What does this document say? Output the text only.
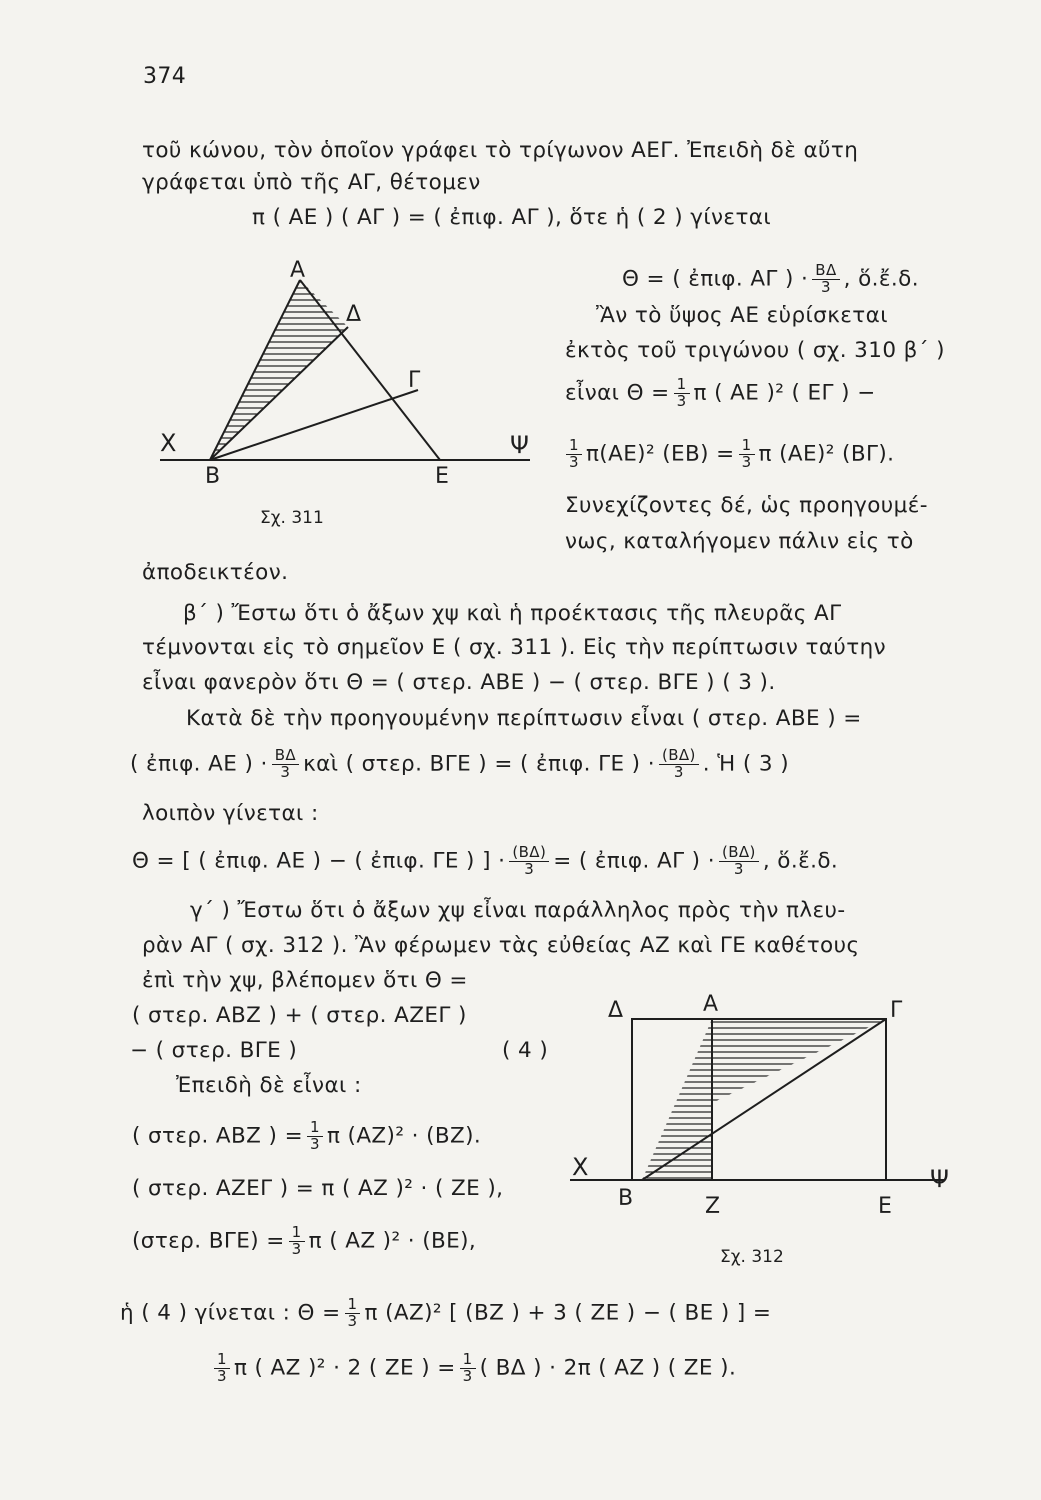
374
τοῦ κώνου, τὸν ὁποῖον γράφει τὸ τρίγωνον ΑΕΓ. Ἐπειδὴ δὲ αὔτη
γράφεται ὑπὸ τῆς ΑΓ, θέτομεν
π ( ΑΕ ) ( ΑΓ ) = ( ἐπιφ. ΑΓ ), ὅτε ἡ ( 2 ) γίνεται
Θ = ( ἐπιφ. ΑΓ ) · $\frac{B\Delta}{3}$ , ὅ.ἔ.δ.
Ἂν τὸ ὕψος ΑΕ εὑρίσκεται
ἐκτὸς τοῦ τριγώνου ( σχ. 310 β΄ )
εἶναι $\Theta = \frac{1}{3}$ π ( ΑΕ )² ( ΕΓ ) −
$\frac{1}{3} \pi(AE)^2$ $(EB) = \frac{1}{3}$ π (ΑΕ)² (ΒΓ).
Συνεχίζοντες δέ, ὡς προηγουμέ-
νως, καταλήγομεν πάλιν εἰς τὸ
ἀποδεικτέον.
β΄ ) Ἔστω ὅτι ὁ ἄξων χψ καὶ ἡ προέκτασις τῆς πλευρᾶς ΑΓ
τέμνονται εἰς τὸ σημεῖον Ε ( σχ. 311 ). Εἰς τὴν περίπτωσιν ταύτην
εἶναι φανερὸν ὅτι Θ = ( στερ. ΑΒΕ ) − ( στερ. ΒΓΕ ) ( 3 ).
Κατὰ δὲ τὴν προηγουμένην περίπτωσιν εἶναι ( στερ. ΑΒΕ ) =
( ἐπιφ. ΑΕ ) · $\frac{B\Delta}{3}$ καὶ ( στερ. ΒΓΕ ) = ( ἐπιφ. ΓΕ ) · $\frac{(B\Delta)}{3}$ . Ἡ ( 3 )
λοιπὸν γίνεται :
Θ = [ ( ἐπιφ. ΑΕ ) − ( ἐπιφ. ΓΕ ) ] · $\frac{(B\Delta)}{3}$ = ( ἐπιφ. ΑΓ ) · $\frac{(B\Delta)}{3}$ , ὅ.ἔ.δ.
γ΄ ) Ἔστω ὅτι ὁ ἄξων χψ εἶναι παράλληλος πρὸς τὴν πλευ-
ρὰν ΑΓ ( σχ. 312 ). Ἂν φέρωμεν τὰς εὐθείας ΑΖ καὶ ΓΕ καθέτους
ἐπὶ τὴν χψ, βλέπομεν ὅτι Θ =
( στερ. ΑΒΖ ) + ( στερ. ΑΖΕΓ )
− ( στερ. ΒΓΕ )	( 4 )
Ἐπειδὴ δὲ εἶναι :
( στερ. ΑΒΖ ) = $\frac{1}{3}$ π (ΑΖ)² · (ΒΖ).
( στερ. ΑΖΕΓ ) = π ( ΑΖ )² · ( ΖΕ ),
(στερ. $B\Gamma E) = \frac{1}{3}$ π ( ΑΖ )² · (ΒΕ),
ἡ ( 4 ) γίνεται : $\Theta = \frac{1}{3}$ π (ΑΖ)² [ (ΒΖ ) + 3 ( ΖΕ ) − ( ΒΕ ) ] =
$\frac{1}{3}$ π ( ΑΖ )² · 2 ( ΖΕ ) = $\frac{1}{3}$ ( ΒΔ ) · 2π ( ΑΖ ) ( ΖΕ ).
Α
Δ
Γ
Χ
Β	Ε
Ψ
Σχ. 311
Δ	Α	Γ
Χ
Β	Ζ	Ε
Ψ
Σχ. 312
